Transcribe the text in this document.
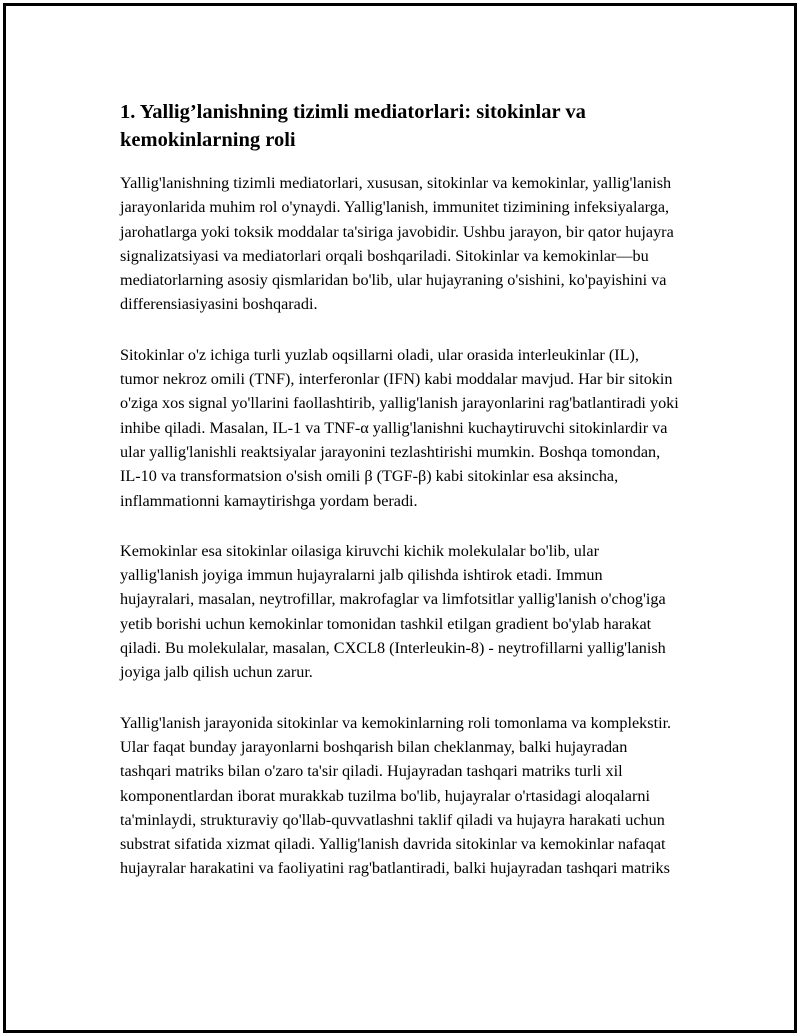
1. Yallig’lanishning tizimli mediatorlari: sitokinlar va kemokinlarning roli

Yallig'lanishning tizimli mediatorlari, xususan, sitokinlar va kemokinlar, yallig'lanish jarayonlarida muhim rol o'ynaydi. Yallig'lanish, immunitet tizimining infeksiyalarga, jarohatlarga yoki toksik moddalar ta'siriga javobidir. Ushbu jarayon, bir qator hujayra signalizatsiyasi va mediatorlari orqali boshqariladi. Sitokinlar va kemokinlar—bu mediatorlarning asosiy qismlaridan bo'lib, ular hujayraning o'sishini, ko'payishini va differensiasiyasini boshqaradi.

Sitokinlar o'z ichiga turli yuzlab oqsillarni oladi, ular orasida interleukinlar (IL), tumor nekroz omili (TNF), interferonlar (IFN) kabi moddalar mavjud. Har bir sitokin o'ziga xos signal yo'llarini faollashtirib, yallig'lanish jarayonlarini rag'batlantiradi yoki inhibe qiladi. Masalan, IL-1 va TNF-α yallig'lanishni kuchaytiruvchi sitokinlardir va ular yallig'lanishli reaktsiyalar jarayonini tezlashtirishi mumkin. Boshqa tomondan, IL-10 va transformatsion o'sish omili β (TGF-β) kabi sitokinlar esa aksincha, inflammationni kamaytirishga yordam beradi.

Kemokinlar esa sitokinlar oilasiga kiruvchi kichik molekulalar bo'lib, ular yallig'lanish joyiga immun hujayralarni jalb qilishda ishtirok etadi. Immun hujayralari, masalan, neytrofillar, makrofaglar va limfotsitlar yallig'lanish o'chog'iga yetib borishi uchun kemokinlar tomonidan tashkil etilgan gradient bo'ylab harakat qiladi. Bu molekulalar, masalan, CXCL8 (Interleukin-8) - neytrofillarni yallig'lanish joyiga jalb qilish uchun zarur.

Yallig'lanish jarayonida sitokinlar va kemokinlarning roli tomonlama va komplekstir. Ular faqat bunday jarayonlarni boshqarish bilan cheklanmay, balki hujayradan tashqari matriks bilan o'zaro ta'sir qiladi. Hujayradan tashqari matriks turli xil komponentlardan iborat murakkab tuzilma bo'lib, hujayralar o'rtasidagi aloqalarni ta'minlaydi, strukturaviy qo'llab-quvvatlashni taklif qiladi va hujayra harakati uchun substrat sifatida xizmat qiladi. Yallig'lanish davrida sitokinlar va kemokinlar nafaqat hujayralar harakatini va faoliyatini rag'batlantiradi, balki hujayradan tashqari matriks
